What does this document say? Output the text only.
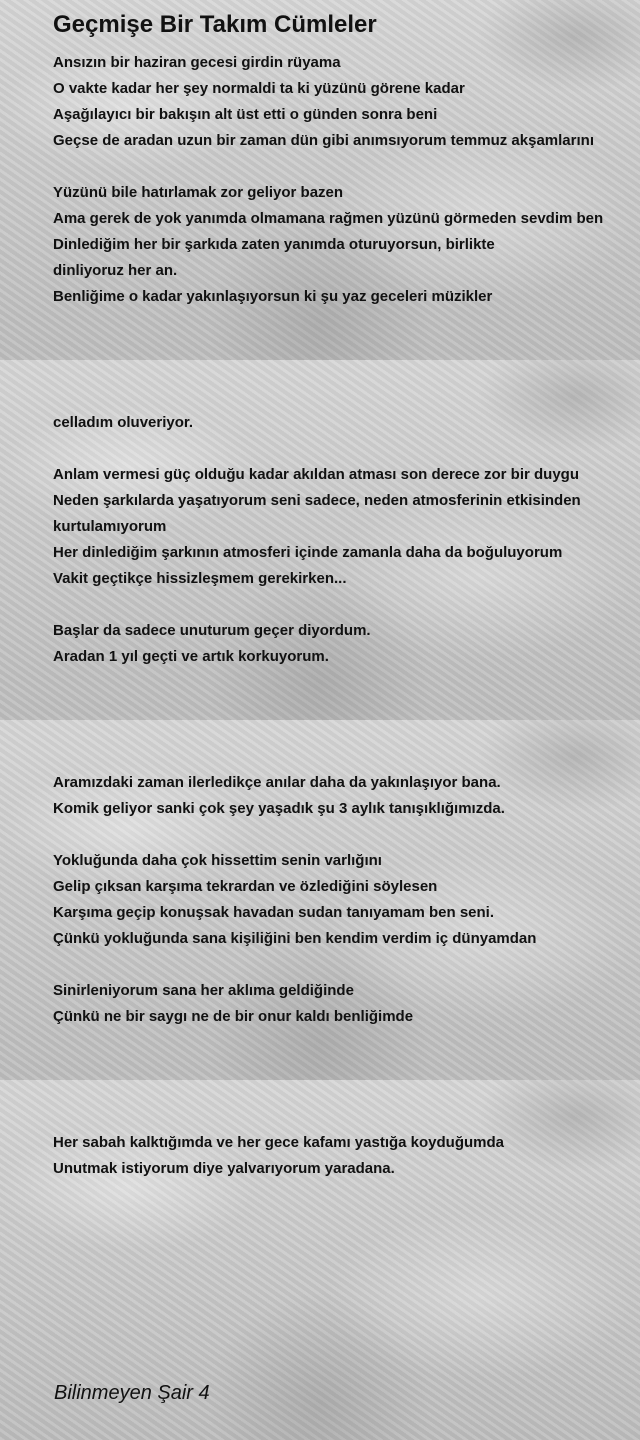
Geçmişe Bir Takım Cümleler

Ansızın bir haziran gecesi girdin rüyama
O vakte kadar her şey normaldi ta ki yüzünü görene kadar
Aşağılayıcı bir bakışın alt üst etti o günden sonra beni
Geçse de aradan uzun bir zaman dün gibi anımsıyorum temmuz akşamlarını

Yüzünü bile hatırlamak zor geliyor bazen
Ama gerek de yok yanımda olmamana rağmen yüzünü görmeden sevdim ben
Dinlediğim her bir şarkıda zaten yanımda oturuyorsun, birlikte
dinliyoruz her an.
Benliğime o kadar yakınlaşıyorsun ki şu yaz geceleri müzikler

celladım oluveriyor.

Anlam vermesi güç olduğu kadar akıldan atması son derece zor bir duygu
Neden şarkılarda yaşatıyorum seni sadece, neden atmosferinin etkisinden
kurtulamıyorum
Her dinlediğim şarkının atmosferi içinde zamanla daha da boğuluyorum
Vakit geçtikçe hissizleşmem gerekirken...

Başlar da sadece unuturum geçer diyordum.
Aradan 1 yıl geçti ve artık korkuyorum.

Aramızdaki zaman ilerledikçe anılar daha da yakınlaşıyor bana.
Komik geliyor sanki çok şey yaşadık şu 3 aylık tanışıklığımızda.

Yokluğunda daha çok hissettim senin varlığını
Gelip çıksan karşıma tekrardan ve özlediğini söylesen
Karşıma geçip konuşsak havadan sudan tanıyamam ben seni.
Çünkü yokluğunda sana kişiliğini ben kendim verdim iç dünyamdan

Sinirleniyorum sana her aklıma geldiğinde
Çünkü ne bir saygı ne de bir onur kaldı benliğimde

Her sabah kalktığımda ve her gece kafamı yastığa koyduğumda
Unutmak istiyorum diye yalvarıyorum yaradana.

Bilinmeyen Şair 4
